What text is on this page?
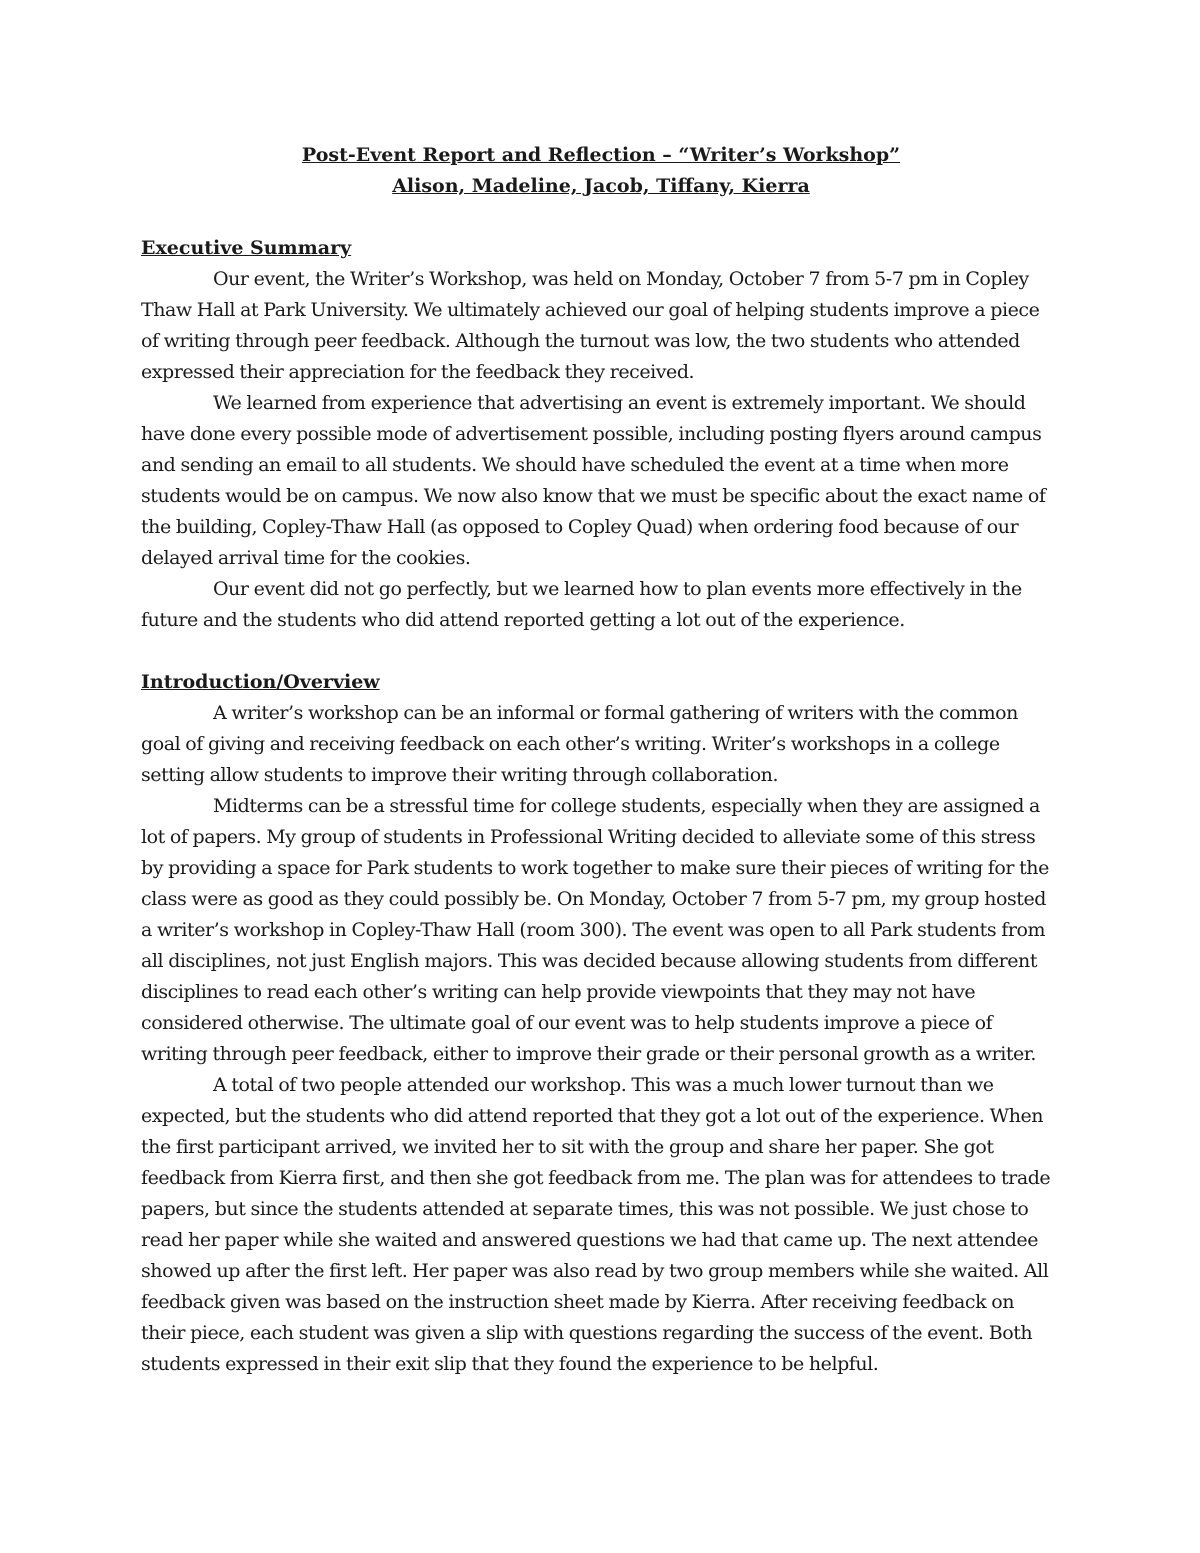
Post-Event Report and Reflection – “Writer’s Workshop”
Alison, Madeline, Jacob, Tiffany, Kierra
Executive Summary

Our event, the Writer’s Workshop, was held on Monday, October 7 from 5-7 pm in Copley Thaw Hall at Park University. We ultimately achieved our goal of helping students improve a piece of writing through peer feedback. Although the turnout was low, the two students who attended expressed their appreciation for the feedback they received.

We learned from experience that advertising an event is extremely important. We should have done every possible mode of advertisement possible, including posting flyers around campus and sending an email to all students. We should have scheduled the event at a time when more students would be on campus. We now also know that we must be specific about the exact name of the building, Copley-Thaw Hall (as opposed to Copley Quad) when ordering food because of our delayed arrival time for the cookies.

Our event did not go perfectly, but we learned how to plan events more effectively in the future and the students who did attend reported getting a lot out of the experience.

Introduction/Overview

A writer’s workshop can be an informal or formal gathering of writers with the common goal of giving and receiving feedback on each other’s writing. Writer’s workshops in a college setting allow students to improve their writing through collaboration.

Midterms can be a stressful time for college students, especially when they are assigned a lot of papers. My group of students in Professional Writing decided to alleviate some of this stress by providing a space for Park students to work together to make sure their pieces of writing for the class were as good as they could possibly be. On Monday, October 7 from 5-7 pm, my group hosted a writer’s workshop in Copley-Thaw Hall (room 300). The event was open to all Park students from all disciplines, not just English majors. This was decided because allowing students from different disciplines to read each other’s writing can help provide viewpoints that they may not have considered otherwise. The ultimate goal of our event was to help students improve a piece of writing through peer feedback, either to improve their grade or their personal growth as a writer.

A total of two people attended our workshop. This was a much lower turnout than we expected, but the students who did attend reported that they got a lot out of the experience. When the first participant arrived, we invited her to sit with the group and share her paper. She got feedback from Kierra first, and then she got feedback from me. The plan was for attendees to trade papers, but since the students attended at separate times, this was not possible. We just chose to read her paper while she waited and answered questions we had that came up. The next attendee showed up after the first left. Her paper was also read by two group members while she waited. All feedback given was based on the instruction sheet made by Kierra. After receiving feedback on their piece, each student was given a slip with questions regarding the success of the event. Both students expressed in their exit slip that they found the experience to be helpful.
